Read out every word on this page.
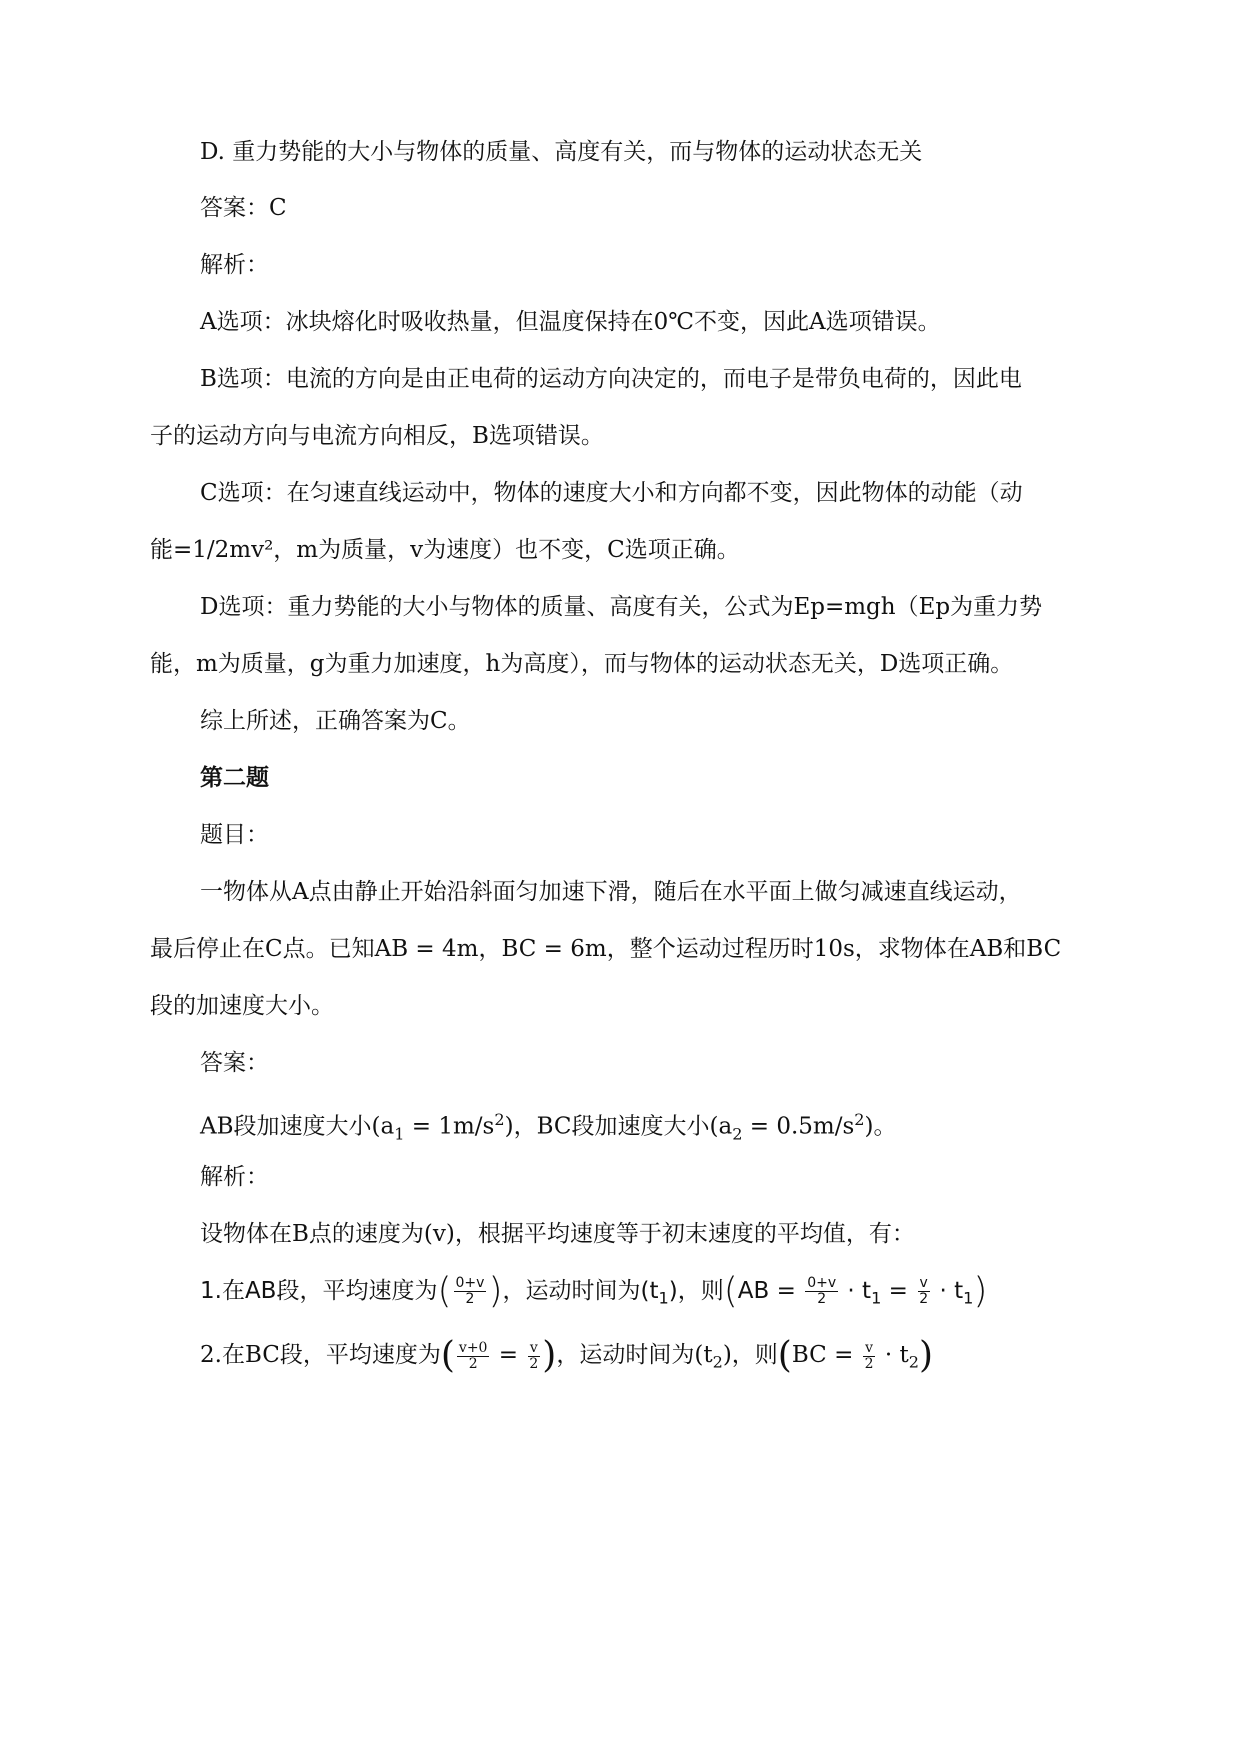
D. 重力势能的大小与物体的质量、高度有关，而与物体的运动状态无关
答案：C
解析：
A选项：冰块熔化时吸收热量，但温度保持在0℃不变，因此A选项错误。
B选项：电流的方向是由正电荷的运动方向决定的，而电子是带负电荷的，因此电
子的运动方向与电流方向相反，B选项错误。
C选项：在匀速直线运动中，物体的速度大小和方向都不变，因此物体的动能（动
能=1/2mv²，m为质量，v为速度）也不变，C选项正确。
D选项：重力势能的大小与物体的质量、高度有关，公式为Ep=mgh（Ep为重力势
能，m为质量，g为重力加速度，h为高度），而与物体的运动状态无关，D选项正确。
综上所述，正确答案为C。
第二题
题目：
一物体从A点由静止开始沿斜面匀加速下滑，随后在水平面上做匀减速直线运动，
最后停止在C点。已知AB = 4m，BC = 6m，整个运动过程历时10s，求物体在AB和BC
段的加速度大小。
答案：
AB段加速度大小$(a_1 = 1m/s^2)$，BC段加速度大小$(a_2 = 0.5m/s^2)$。
解析：
设物体在B点的速度为(v)，根据平均速度等于初末速度的平均值，有：
1.在AB段，平均速度为( $\frac{0+v}{2}$ )，运动时间为$(t_1)$，则$(AB = \frac{0+v}{2} \cdot t_1 = \frac{v}{2} \cdot t_1)$
2.在BC段，平均速度为( $\frac{v+0}{2} = \frac{v}{2}$ )，运动时间为$(t_2)$，则$(BC = \frac{v}{2} \cdot t_2)$
